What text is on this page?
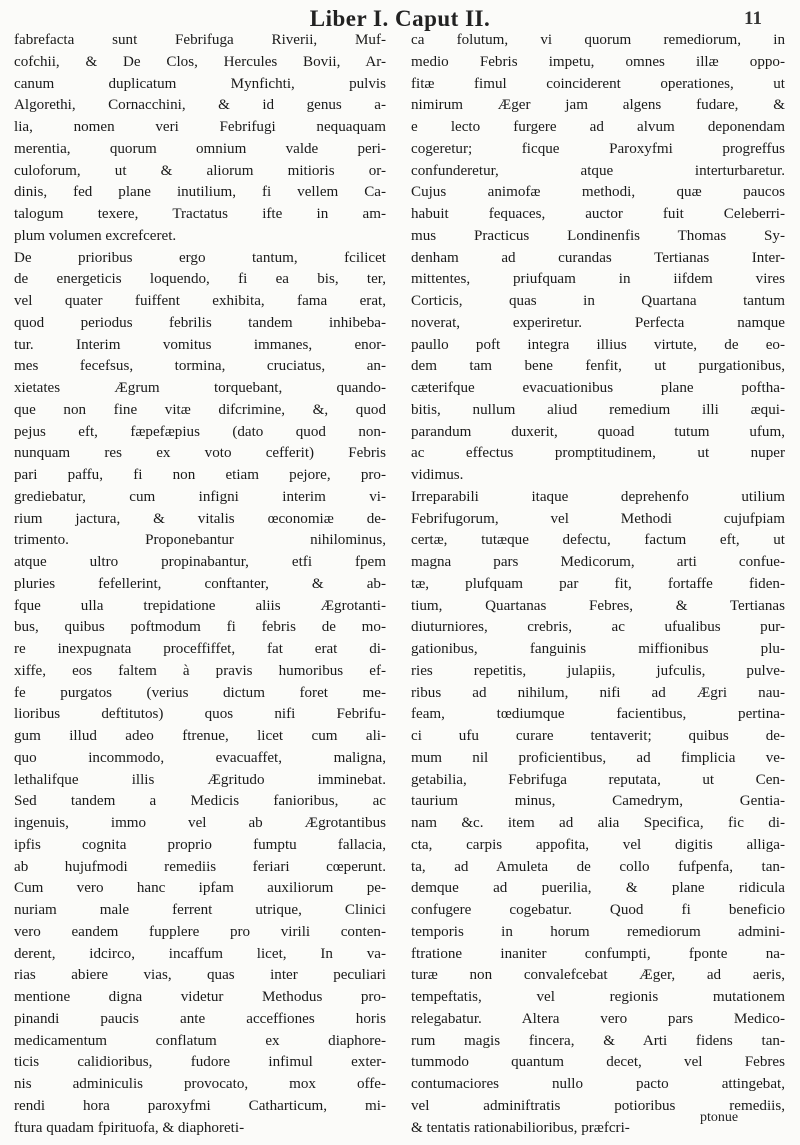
Liber I. Caput II.	11
fabrefacta sunt Febrifuga Riverii, Muf-
cofchii, & De Clos, Hercules Bovii, Ar-
canum duplicatum Mynfichti, pulvis
Algorethi, Cornacchini, & id genus a-
lia, nomen veri Febrifugi nequaquam
merentia, quorum omnium valde peri-
culoforum, ut & aliorum mitioris or-
dinis, fed plane inutilium, fi vellem Ca-
talogum texere, Tractatus ifte in am-
plum volumen excrefceret.
De prioribus ergo tantum, fcilicet
de energeticis loquendo, fi ea bis, ter,
vel quater fuiffent exhibita, fama erat,
quod periodus febrilis tandem inhibeba-
tur. Interim vomitus immanes, enor-
mes fecefsus, tormina, cruciatus, an-
xietates Ægrum torquebant, quando-
que non fine vitæ difcrimine, &, quod
pejus eft, fæpefæpius (dato quod non-
nunquam res ex voto cefferit) Febris
pari paffu, fi non etiam pejore, pro-
grediebatur, cum infigni interim vi-
rium jactura, & vitalis œconomiæ de-
trimento. Proponebantur nihilominus,
atque ultro propinabantur, etfi fpem
pluries fefellerint, conftanter, & ab-
fque ulla trepidatione aliis Ægrotanti-
bus, quibus poftmodum fi febris de mo-
re inexpugnata proceffiffet, fat erat di-
xiffe, eos faltem à pravis humoribus ef-
fe purgatos (verius dictum foret me-
lioribus deftitutos) quos nifi Febrifu-
gum illud adeo ftrenue, licet cum ali-
quo incommodo, evacuaffet, maligna,
lethalifque illis Ægritudo imminebat.
Sed tandem a Medicis fanioribus, ac
ingenuis, immo vel ab Ægrotantibus
ipfis cognita proprio fumptu fallacia,
ab hujufmodi remediis feriari cœperunt.
Cum vero hanc ipfam auxiliorum pe-
nuriam male ferrent utrique, Clinici
vero eandem fupplere pro virili conten-
derent, idcirco, incaffum licet, In va-
rias abiere vias, quas inter peculiari
mentione digna videtur Methodus pro-
pinandi paucis ante acceffiones horis
medicamentum conflatum ex diaphore-
ticis calidioribus, fudore infimul exter-
nis adminiculis provocato, mox offe-
rendi hora paroxyfmi Catharticum, mi-
ftura quadam fpirituofa, & diaphoreti-
ca folutum, vi quorum remediorum, in
medio Febris impetu, omnes illæ oppo-
fitæ fimul coinciderent operationes, ut
nimirum Æger jam algens fudare, &
e lecto furgere ad alvum deponendam
cogeretur; ficque Paroxyfmi progreffus
confunderetur, atque interturbaretur.
Cujus animofæ methodi, quæ paucos
habuit fequaces, auctor fuit Celeberri-
mus Practicus Londinenfis Thomas Sy-
denham ad curandas Tertianas Inter-
mittentes, priufquam in iifdem vires
Corticis, quas in Quartana tantum
noverat, experiretur. Perfecta namque
paullo poft integra illius virtute, de eo-
dem tam bene fenfit, ut purgationibus,
cæterifque evacuationibus plane poftha-
bitis, nullum aliud remedium illi æqui-
parandum duxerit, quoad tutum ufum,
ac effectus promptitudinem, ut nuper
vidimus.
Irreparabili itaque deprehenfo utilium
Febrifugorum, vel Methodi cujufpiam
certæ, tutæque defectu, factum eft, ut
magna pars Medicorum, arti confue-
tæ, plufquam par fit, fortaffe fiden-
tium, Quartanas Febres, & Tertianas
diuturniores, crebris, ac ufualibus pur-
gationibus, fanguinis miffionibus plu-
ries repetitis, julapiis, jufculis, pulve-
ribus ad nihilum, nifi ad Ægri nau-
feam, tœdiumque facientibus, pertina-
ci ufu curare tentaverit; quibus de-
mum nil proficientibus, ad fimplicia ve-
getabilia, Febrifuga reputata, ut Cen-
taurium minus, Camedrym, Gentia-
nam &c. item ad alia Specifica, fic di-
cta, carpis appofita, vel digitis alliga-
ta, ad Amuleta de collo fufpenfa, tan-
demque ad puerilia, & plane ridicula
confugere cogebatur. Quod fi beneficio
temporis in horum remediorum admini-
ftratione inaniter confumpti, fponte na-
turæ non convalefcebat Æger, ad aeris,
tempeftatis, vel regionis mutationem
relegabatur. Altera vero pars Medico-
rum magis fincera, & Arti fidens tan-
tummodo quantum decet, vel Febres
contumaciores nullo pacto attingebat,
vel adminiftratis potioribus remediis,
& tentatis rationabilioribus, præfcri-
ptonue
